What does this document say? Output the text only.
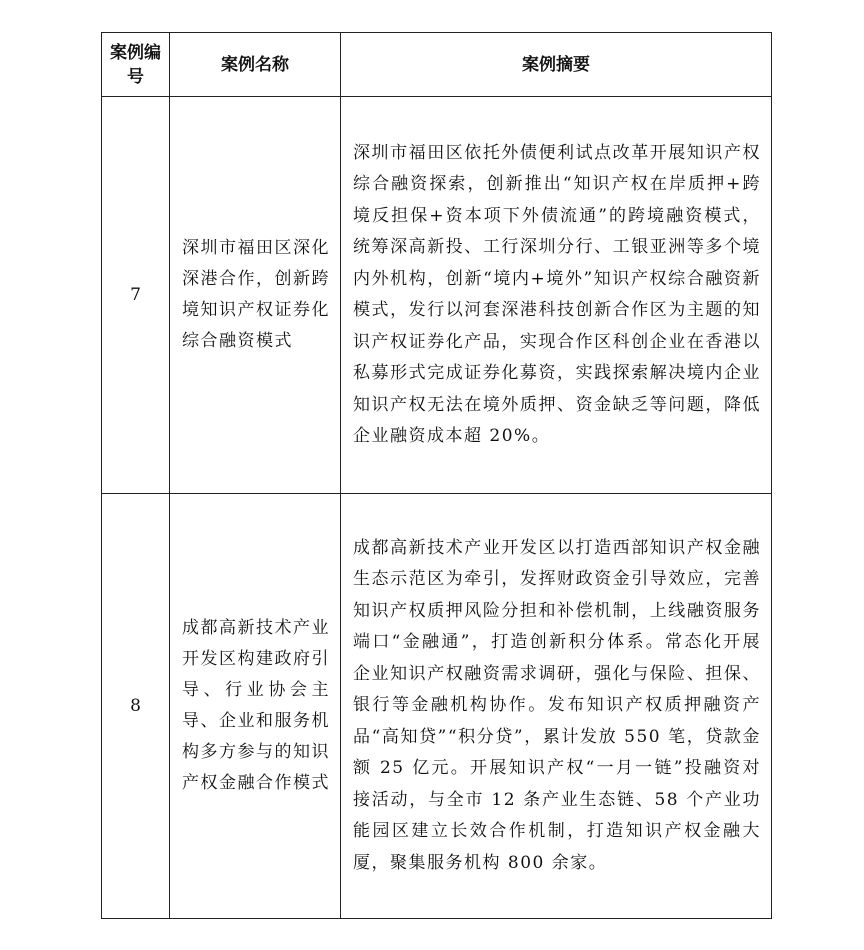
案例编号	案例名称	案例摘要
7	深圳市福田区深化深港合作，创新跨境知识产权证券化综合融资模式	深圳市福田区依托外债便利试点改革开展知识产权综合融资探索，创新推出“知识产权在岸质押+跨境反担保+资本项下外债流通”的跨境融资模式，统筹深高新投、工行深圳分行、工银亚洲等多个境内外机构，创新“境内+境外”知识产权综合融资新模式，发行以河套深港科技创新合作区为主题的知识产权证券化产品，实现合作区科创企业在香港以私募形式完成证券化募资，实践探索解决境内企业知识产权无法在境外质押、资金缺乏等问题，降低企业融资成本超 20%。
8	成都高新技术产业开发区构建政府引导、行业协会主导、企业和服务机构多方参与的知识产权金融合作模式	成都高新技术产业开发区以打造西部知识产权金融生态示范区为牵引，发挥财政资金引导效应，完善知识产权质押风险分担和补偿机制，上线融资服务端口“金融通”，打造创新积分体系。常态化开展企业知识产权融资需求调研，强化与保险、担保、银行等金融机构协作。发布知识产权质押融资产品“高知贷”“积分贷”，累计发放 550 笔，贷款金额 25 亿元。开展知识产权“一月一链”投融资对接活动，与全市 12 条产业生态链、58 个产业功能园区建立长效合作机制，打造知识产权金融大厦，聚集服务机构 800 余家。
